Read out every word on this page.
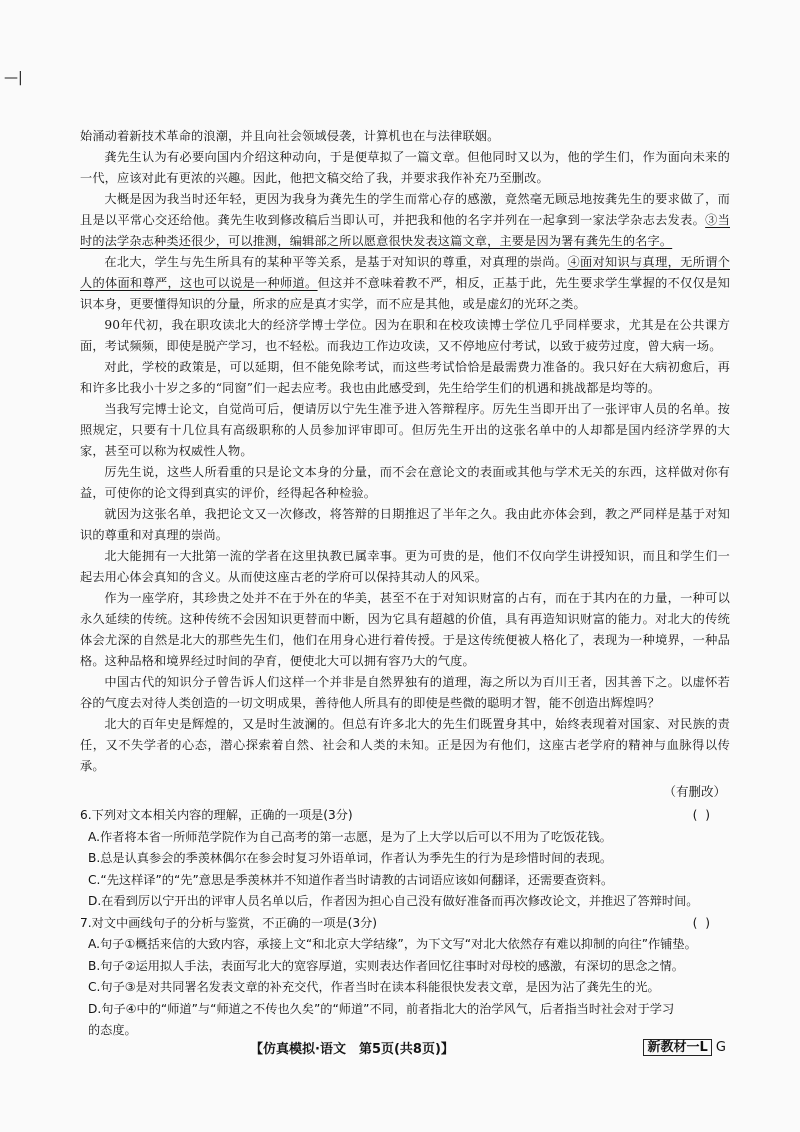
—|

始涌动着新技术革命的浪潮，并且向社会领域侵袭，计算机也在与法律联姻。

龚先生认为有必要向国内介绍这种动向，于是便草拟了一篇文章。但他同时又以为，他的学生们，作为面向未来的一代，应该对此有更浓的兴趣。因此，他把文稿交给了我，并要求我作补充乃至删改。

大概是因为我当时还年轻，更因为我身为龚先生的学生而常心存的感激，竟然毫无顾忌地按龚先生的要求做了，而且是以平常心交还给他。龚先生收到修改稿后当即认可，并把我和他的名字并列在一起拿到一家法学杂志去发表。③当时的法学杂志种类还很少，可以推测，编辑部之所以愿意很快发表这篇文章，主要是因为署有龚先生的名字。

在北大，学生与先生所具有的某种平等关系，是基于对知识的尊重，对真理的崇尚。④面对知识与真理，无所谓个人的体面和尊严，这也可以说是一种师道。但这并不意味着教不严，相反，正基于此，先生要求学生掌握的不仅仅是知识本身，更要懂得知识的分量，所求的应是真才实学，而不应是其他，或是虚幻的光环之类。

90年代初，我在职攻读北大的经济学博士学位。因为在职和在校攻读博士学位几乎同样要求，尤其是在公共课方面，考试频频，即使是脱产学习，也不轻松。而我边工作边攻读，又不停地应付考试，以致于疲劳过度，曾大病一场。

对此，学校的政策是，可以延期，但不能免除考试，而这些考试恰恰是最需费力准备的。我只好在大病初愈后，再和许多比我小十岁之多的“同窗”们一起去应考。我也由此感受到，先生给学生们的机遇和挑战都是均等的。

当我写完博士论文，自觉尚可后，便请厉以宁先生准予进入答辩程序。厉先生当即开出了一张评审人员的名单。按照规定，只要有十几位具有高级职称的人员参加评审即可。但厉先生开出的这张名单中的人却都是国内经济学界的大家，甚至可以称为权威性人物。

厉先生说，这些人所看重的只是论文本身的分量，而不会在意论文的表面或其他与学术无关的东西，这样做对你有益，可使你的论文得到真实的评价，经得起各种检验。

就因为这张名单，我把论文又一次修改，将答辩的日期推迟了半年之久。我由此亦体会到，教之严同样是基于对知识的尊重和对真理的崇尚。

北大能拥有一大批第一流的学者在这里执教已属幸事。更为可贵的是，他们不仅向学生讲授知识，而且和学生们一起去用心体会真知的含义。从而使这座古老的学府可以保持其动人的风采。

作为一座学府，其珍贵之处并不在于外在的华美，甚至不在于对知识财富的占有，而在于其内在的力量，一种可以永久延续的传统。这种传统不会因知识更替而中断，因为它具有超越的价值，具有再造知识财富的能力。对北大的传统体会尤深的自然是北大的那些先生们，他们在用身心进行着传授。于是这传统便被人格化了，表现为一种境界，一种品格。这种品格和境界经过时间的孕育，便使北大可以拥有容乃大的气度。

中国古代的知识分子曾告诉人们这样一个并非是自然界独有的道理，海之所以为百川王者，因其善下之。以虚怀若谷的气度去对待人类创造的一切文明成果，善待他人所具有的即使是些微的聪明才智，能不创造出辉煌吗？

北大的百年史是辉煌的，又是时生波澜的。但总有许多北大的先生们既置身其中，始终表现着对国家、对民族的责任，又不失学者的心态，潜心探索着自然、社会和人类的未知。正是因为有他们，这座古老学府的精神与血脉得以传承。

（有删改）
6.下列对文本相关内容的理解，正确的一项是(3分)	( )
A.作者将本省一所师范学院作为自己高考的第一志愿，是为了上大学以后可以不用为了吃饭花钱。
B.总是认真参会的季羡林偶尔在参会时复习外语单词，作者认为季先生的行为是珍惜时间的表现。
C.“先这样译”的“先”意思是季羡林并不知道作者当时请教的古词语应该如何翻译，还需要查资料。
D.在看到厉以宁开出的评审人员名单以后，作者因为担心自己没有做好准备而再次修改论文，并推迟了答辩时间。
7.对文中画线句子的分析与鉴赏，不正确的一项是(3分)	( )
A.句子①概括来信的大致内容，承接上文“和北京大学结缘”，为下文写“对北大依然存有难以抑制的向往”作铺垫。
B.句子②运用拟人手法，表面写北大的宽容厚道，实则表达作者回忆往事时对母校的感激，有深切的思念之情。
C.句子③是对共同署名发表文章的补充交代，作者当时在读本科能很快发表文章，是因为沾了龚先生的光。
D.句子④中的“师道”与“师道之不传也久矣”的“师道”不同，前者指北大的治学风气，后者指当时社会对于学习
的态度。
【仿真模拟·语文　第5页(共8页)】	新教材一L G
